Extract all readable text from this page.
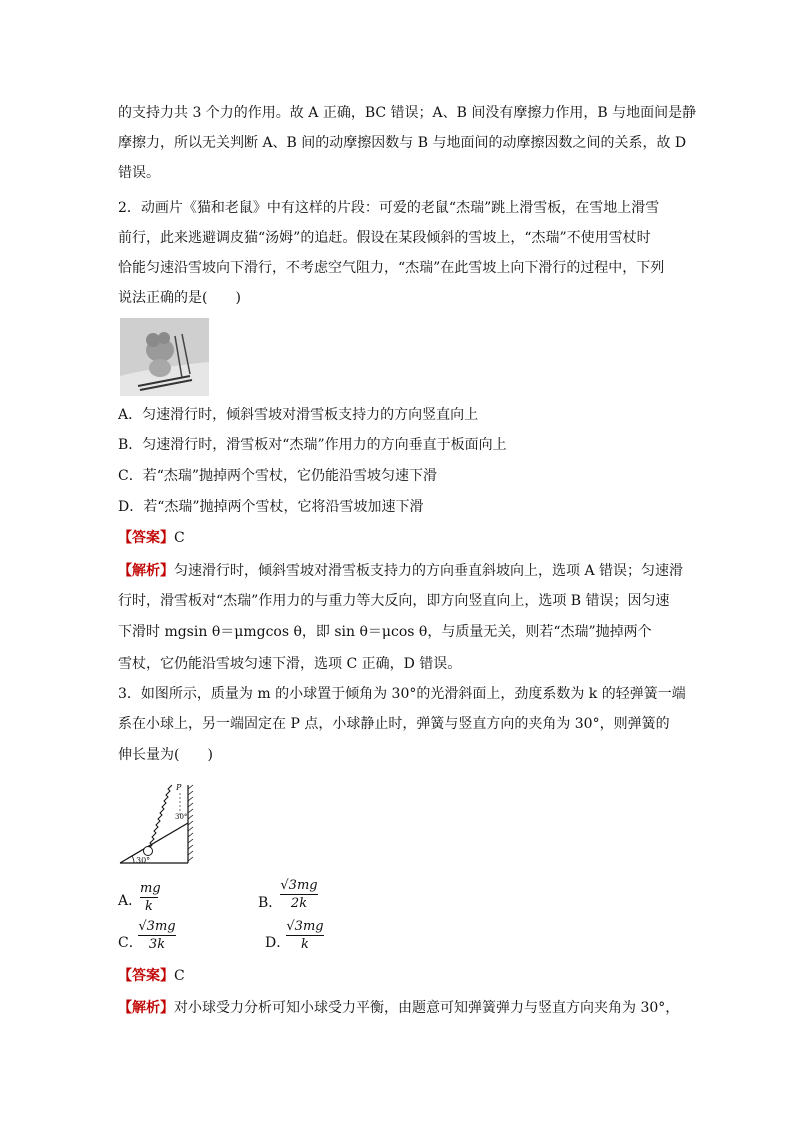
的支持力共 3 个力的作用。故 A 正确，BC 错误；A、B 间没有摩擦力作用，B 与地面间是静
摩擦力，所以无关判断 A、B 间的动摩擦因数与 B 与地面间的动摩擦因数之间的关系，故 D
错误。
2．动画片《猫和老鼠》中有这样的片段：可爱的老鼠“杰瑞”跳上滑雪板，在雪地上滑雪
前行，此来逃避调皮猫“汤姆”的追赶。假设在某段倾斜的雪坡上，“杰瑞”不使用雪杖时
恰能匀速沿雪坡向下滑行，不考虑空气阻力，“杰瑞”在此雪坡上向下滑行的过程中，下列
说法正确的是(　　)
A．匀速滑行时，倾斜雪坡对滑雪板支持力的方向竖直向上
B．匀速滑行时，滑雪板对“杰瑞”作用力的方向垂直于板面向上
C．若“杰瑞”抛掉两个雪杖，它仍能沿雪坡匀速下滑
D．若“杰瑞”抛掉两个雪杖，它将沿雪坡加速下滑
【答案】C
【解析】匀速滑行时，倾斜雪坡对滑雪板支持力的方向垂直斜坡向上，选项 A 错误；匀速滑
行时，滑雪板对“杰瑞”作用力的与重力等大反向，即方向竖直向上，选项 B 错误；因匀速
下滑时 mgsin θ＝μmgcos θ，即 sin θ＝μcos θ，与质量无关，则若“杰瑞”抛掉两个
雪杖，它仍能沿雪坡匀速下滑，选项 C 正确，D 错误。
3．如图所示，质量为 m 的小球置于倾角为 30°的光滑斜面上，劲度系数为 k 的轻弹簧一端
系在小球上，另一端固定在 P 点，小球静止时，弹簧与竖直方向的夹角为 30°，则弹簧的
伸长量为(　　)
P
30°
30°
A．
mg
k	B．
√3mg
2k
C．
√3mg
3k	D．
√3mg
k
【答案】C
【解析】对小球受力分析可知小球受力平衡，由题意可知弹簧弹力与竖直方向夹角为 30°，
